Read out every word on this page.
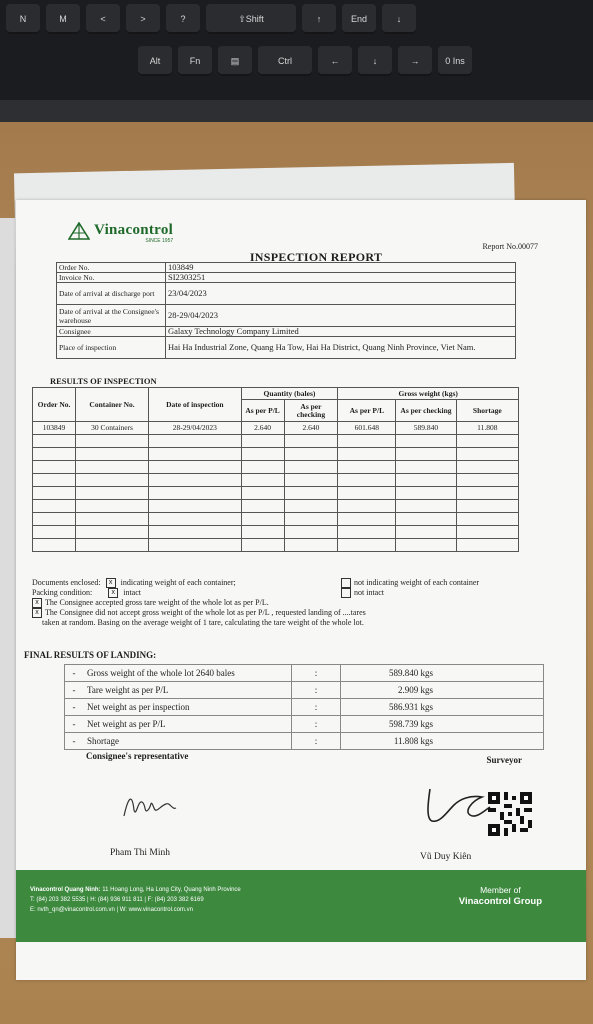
N	M	<	>	?	⇧Shift	↑	End	↓
Alt	Fn	▤	Ctrl	←	↓	→	0 Ins
Vinacontrol
SINCE 1957
Report No.00077
INSPECTION REPORT
Order No.	103849
Invoice No.	SI2303251
Date of arrival at discharge port	23/04/2023
Date of arrival at the Consignee's warehouse	28-29/04/2023
Consignee	Galaxy Technology Company Limited
Place of inspection	Hai Ha Industrial Zone, Quang Ha Tow, Hai Ha District, Quang Ninh Province, Viet Nam.
RESULTS OF INSPECTION
Order No.	Container No.	Date of inspection	Quantity (bales)		Gross weight (kgs)		
			As per P/L	As per checking	As per P/L	As per checking	Shortage
103849	30 Containers	28-29/04/2023	2.640	2.640	601.648	589.840	11.808

Documents enclosed: x indicating weight of each container;	not indicating weight of each container
Packing condition:	x intact	not intact
x The Consignee accepted gross tare weight of the whole lot as per P/L.
x The Consignee did not accept gross weight of the whole lot as per P/L , requested landing of ....tares
taken at random. Basing on the average weight of 1 tare, calculating the tare weight of the whole lot.
FINAL RESULTS OF LANDING:
-	Gross weight of the whole lot 2640 bales	:	589.840 kgs
-	Tare weight as per P/L	:	2.909 kgs
-	Net weight as per inspection	:	586.931 kgs
-	Net weight as per P/L	:	598.739 kgs
-	Shortage	:	11.808 kgs
Consignee's representative	Surveyor
Pham Thi Minh	Vũ Duy Kiên
Vinacontrol Quang Ninh: 11 Hoang Long, Ha Long City, Quang Ninh Province
T: (84) 203 382 5535 | H: (84) 936 911 811 | F: (84) 203 382 6169
E: nvth_qn@vinacontrol.com.vn | W: www.vinacontrol.com.vn
Member of
Vinacontrol Group
